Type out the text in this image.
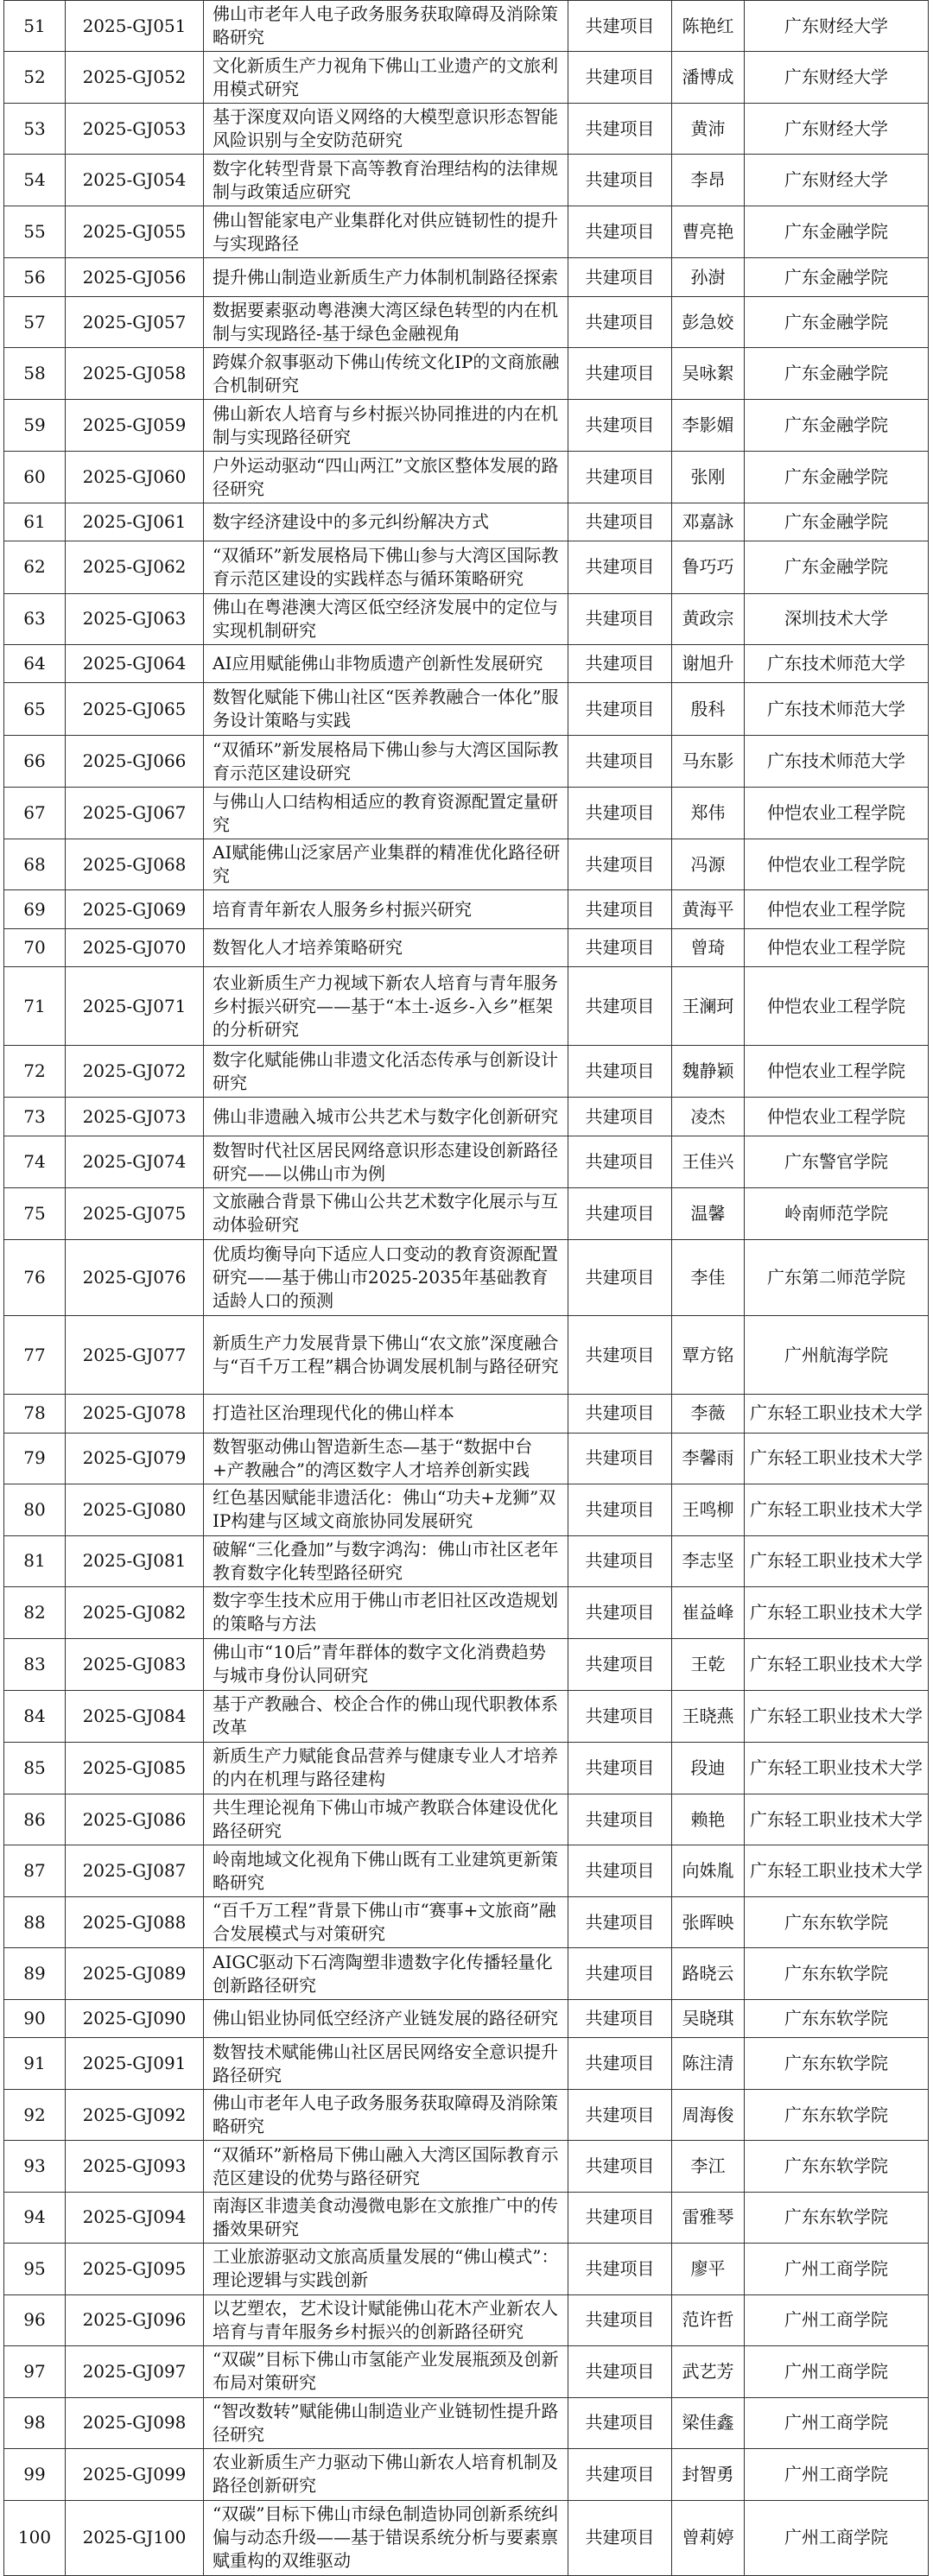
51	2025-GJ051	佛山市老年人电子政务服务获取障碍及消除策略研究	共建项目	陈艳红	广东财经大学
52	2025-GJ052	文化新质生产力视角下佛山工业遗产的文旅利用模式研究	共建项目	潘博成	广东财经大学
53	2025-GJ053	基于深度双向语义网络的大模型意识形态智能风险识别与全安防范研究	共建项目	黄沛	广东财经大学
54	2025-GJ054	数字化转型背景下高等教育治理结构的法律规制与政策适应研究	共建项目	李昂	广东财经大学
55	2025-GJ055	佛山智能家电产业集群化对供应链韧性的提升与实现路径	共建项目	曹亮艳	广东金融学院
56	2025-GJ056	提升佛山制造业新质生产力体制机制路径探索	共建项目	孙澍	广东金融学院
57	2025-GJ057	数据要素驱动粤港澳大湾区绿色转型的内在机制与实现路径-基于绿色金融视角	共建项目	彭急姣	广东金融学院
58	2025-GJ058	跨媒介叙事驱动下佛山传统文化IP的文商旅融合机制研究	共建项目	吴咏絮	广东金融学院
59	2025-GJ059	佛山新农人培育与乡村振兴协同推进的内在机制与实现路径研究	共建项目	李影媚	广东金融学院
60	2025-GJ060	户外运动驱动“四山两江”文旅区整体发展的路径研究	共建项目	张刚	广东金融学院
61	2025-GJ061	数字经济建设中的多元纠纷解决方式	共建项目	邓嘉詠	广东金融学院
62	2025-GJ062	“双循环”新发展格局下佛山参与大湾区国际教育示范区建设的实践样态与循环策略研究	共建项目	鲁巧巧	广东金融学院
63	2025-GJ063	佛山在粤港澳大湾区低空经济发展中的定位与实现机制研究	共建项目	黄政宗	深圳技术大学
64	2025-GJ064	AI应用赋能佛山非物质遗产创新性发展研究	共建项目	谢旭升	广东技术师范大学
65	2025-GJ065	数智化赋能下佛山社区“医养教融合一体化”服务设计策略与实践	共建项目	殷科	广东技术师范大学
66	2025-GJ066	“双循环”新发展格局下佛山参与大湾区国际教育示范区建设研究	共建项目	马东影	广东技术师范大学
67	2025-GJ067	与佛山人口结构相适应的教育资源配置定量研究	共建项目	郑伟	仲恺农业工程学院
68	2025-GJ068	AI赋能佛山泛家居产业集群的精准优化路径研究	共建项目	冯源	仲恺农业工程学院
69	2025-GJ069	培育青年新农人服务乡村振兴研究	共建项目	黄海平	仲恺农业工程学院
70	2025-GJ070	数智化人才培养策略研究	共建项目	曾琦	仲恺农业工程学院
71	2025-GJ071	农业新质生产力视域下新农人培育与青年服务乡村振兴研究——基于“本土-返乡-入乡”框架的分析研究	共建项目	王澜珂	仲恺农业工程学院
72	2025-GJ072	数字化赋能佛山非遗文化活态传承与创新设计研究	共建项目	魏静颖	仲恺农业工程学院
73	2025-GJ073	佛山非遗融入城市公共艺术与数字化创新研究	共建项目	凌杰	仲恺农业工程学院
74	2025-GJ074	数智时代社区居民网络意识形态建设创新路径研究——以佛山市为例	共建项目	王佳兴	广东警官学院
75	2025-GJ075	文旅融合背景下佛山公共艺术数字化展示与互动体验研究	共建项目	温馨	岭南师范学院
76	2025-GJ076	优质均衡导向下适应人口变动的教育资源配置研究——基于佛山市2025-2035年基础教育适龄人口的预测	共建项目	李佳	广东第二师范学院
77	2025-GJ077	新质生产力发展背景下佛山“农文旅”深度融合与“百千万工程”耦合协调发展机制与路径研究	共建项目	覃方铭	广州航海学院
78	2025-GJ078	打造社区治理现代化的佛山样本	共建项目	李薇	广东轻工职业技术大学
79	2025-GJ079	数智驱动佛山智造新生态—基于“数据中台+产教融合”的湾区数字人才培养创新实践	共建项目	李馨雨	广东轻工职业技术大学
80	2025-GJ080	红色基因赋能非遗活化：佛山“功夫+龙狮”双IP构建与区域文商旅协同发展研究	共建项目	王鸣柳	广东轻工职业技术大学
81	2025-GJ081	破解“三化叠加”与数字鸿沟：佛山市社区老年教育数字化转型路径研究	共建项目	李志坚	广东轻工职业技术大学
82	2025-GJ082	数字孪生技术应用于佛山市老旧社区改造规划的策略与方法	共建项目	崔益峰	广东轻工职业技术大学
83	2025-GJ083	佛山市“10后”青年群体的数字文化消费趋势与城市身份认同研究	共建项目	王乾	广东轻工职业技术大学
84	2025-GJ084	基于产教融合、校企合作的佛山现代职教体系改革	共建项目	王晓燕	广东轻工职业技术大学
85	2025-GJ085	新质生产力赋能食品营养与健康专业人才培养的内在机理与路径建构	共建项目	段迪	广东轻工职业技术大学
86	2025-GJ086	共生理论视角下佛山市城产教联合体建设优化路径研究	共建项目	赖艳	广东轻工职业技术大学
87	2025-GJ087	岭南地域文化视角下佛山既有工业建筑更新策略研究	共建项目	向姝胤	广东轻工职业技术大学
88	2025-GJ088	“百千万工程”背景下佛山市“赛事+文旅商”融合发展模式与对策研究	共建项目	张晖映	广东东软学院
89	2025-GJ089	AIGC驱动下石湾陶塑非遗数字化传播轻量化创新路径研究	共建项目	路晓云	广东东软学院
90	2025-GJ090	佛山铝业协同低空经济产业链发展的路径研究	共建项目	吴晓琪	广东东软学院
91	2025-GJ091	数智技术赋能佛山社区居民网络安全意识提升路径研究	共建项目	陈注清	广东东软学院
92	2025-GJ092	佛山市老年人电子政务服务获取障碍及消除策略研究	共建项目	周海俊	广东东软学院
93	2025-GJ093	“双循环”新格局下佛山融入大湾区国际教育示范区建设的优势与路径研究	共建项目	李江	广东东软学院
94	2025-GJ094	南海区非遗美食动漫微电影在文旅推广中的传播效果研究	共建项目	雷雅琴	广东东软学院
95	2025-GJ095	工业旅游驱动文旅高质量发展的“佛山模式”：理论逻辑与实践创新	共建项目	廖平	广州工商学院
96	2025-GJ096	以艺塑农，艺术设计赋能佛山花木产业新农人培育与青年服务乡村振兴的创新路径研究	共建项目	范许哲	广州工商学院
97	2025-GJ097	“双碳”目标下佛山市氢能产业发展瓶颈及创新布局对策研究	共建项目	武艺芳	广州工商学院
98	2025-GJ098	“智改数转”赋能佛山制造业产业链韧性提升路径研究	共建项目	梁佳鑫	广州工商学院
99	2025-GJ099	农业新质生产力驱动下佛山新农人培育机制及路径创新研究	共建项目	封智勇	广州工商学院
100	2025-GJ100	“双碳”目标下佛山市绿色制造协同创新系统纠偏与动态升级——基于错误系统分析与要素禀赋重构的双维驱动	共建项目	曾莉婷	广州工商学院
